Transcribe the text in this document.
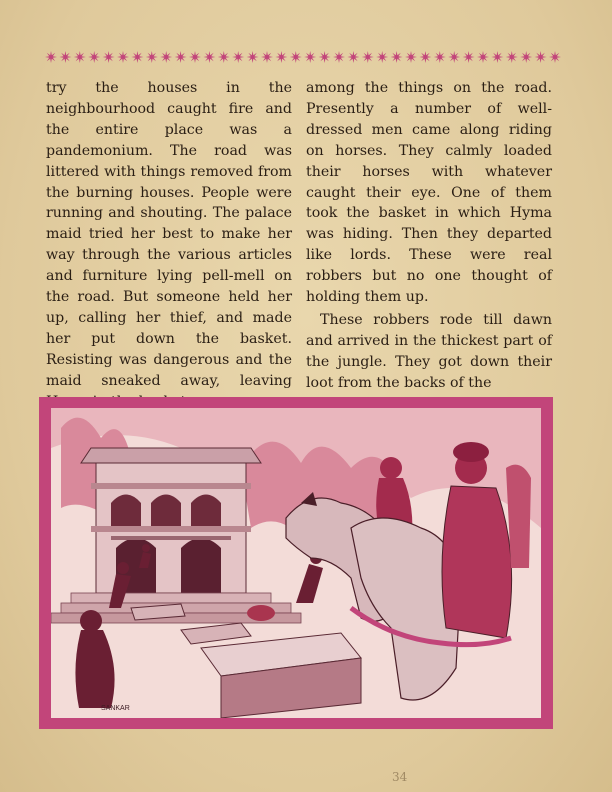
try the houses in the neighbourhood caught fire and the entire place was a pandemonium. The road was littered with things removed from the burning houses. People were running and shouting. The palace maid tried her best to make her way through the various articles and furniture lying pell-mell on the road. But someone held her up, calling her thief, and made her put down the basket. Resisting was dangerous and the maid sneaked away, leaving

among the things on the road. Presently a number of well-dressed men came along riding on horses. They calmly loaded their horses with whatever caught their eye. One of them took the basket in which Hyma was hiding. Then they departed like lords. These were real robbers but no one thought of holding them up.

These robbers rode till dawn and arrived in the thickest part of the jungle. They got down their loot from the backs of the

SANKAR
34
